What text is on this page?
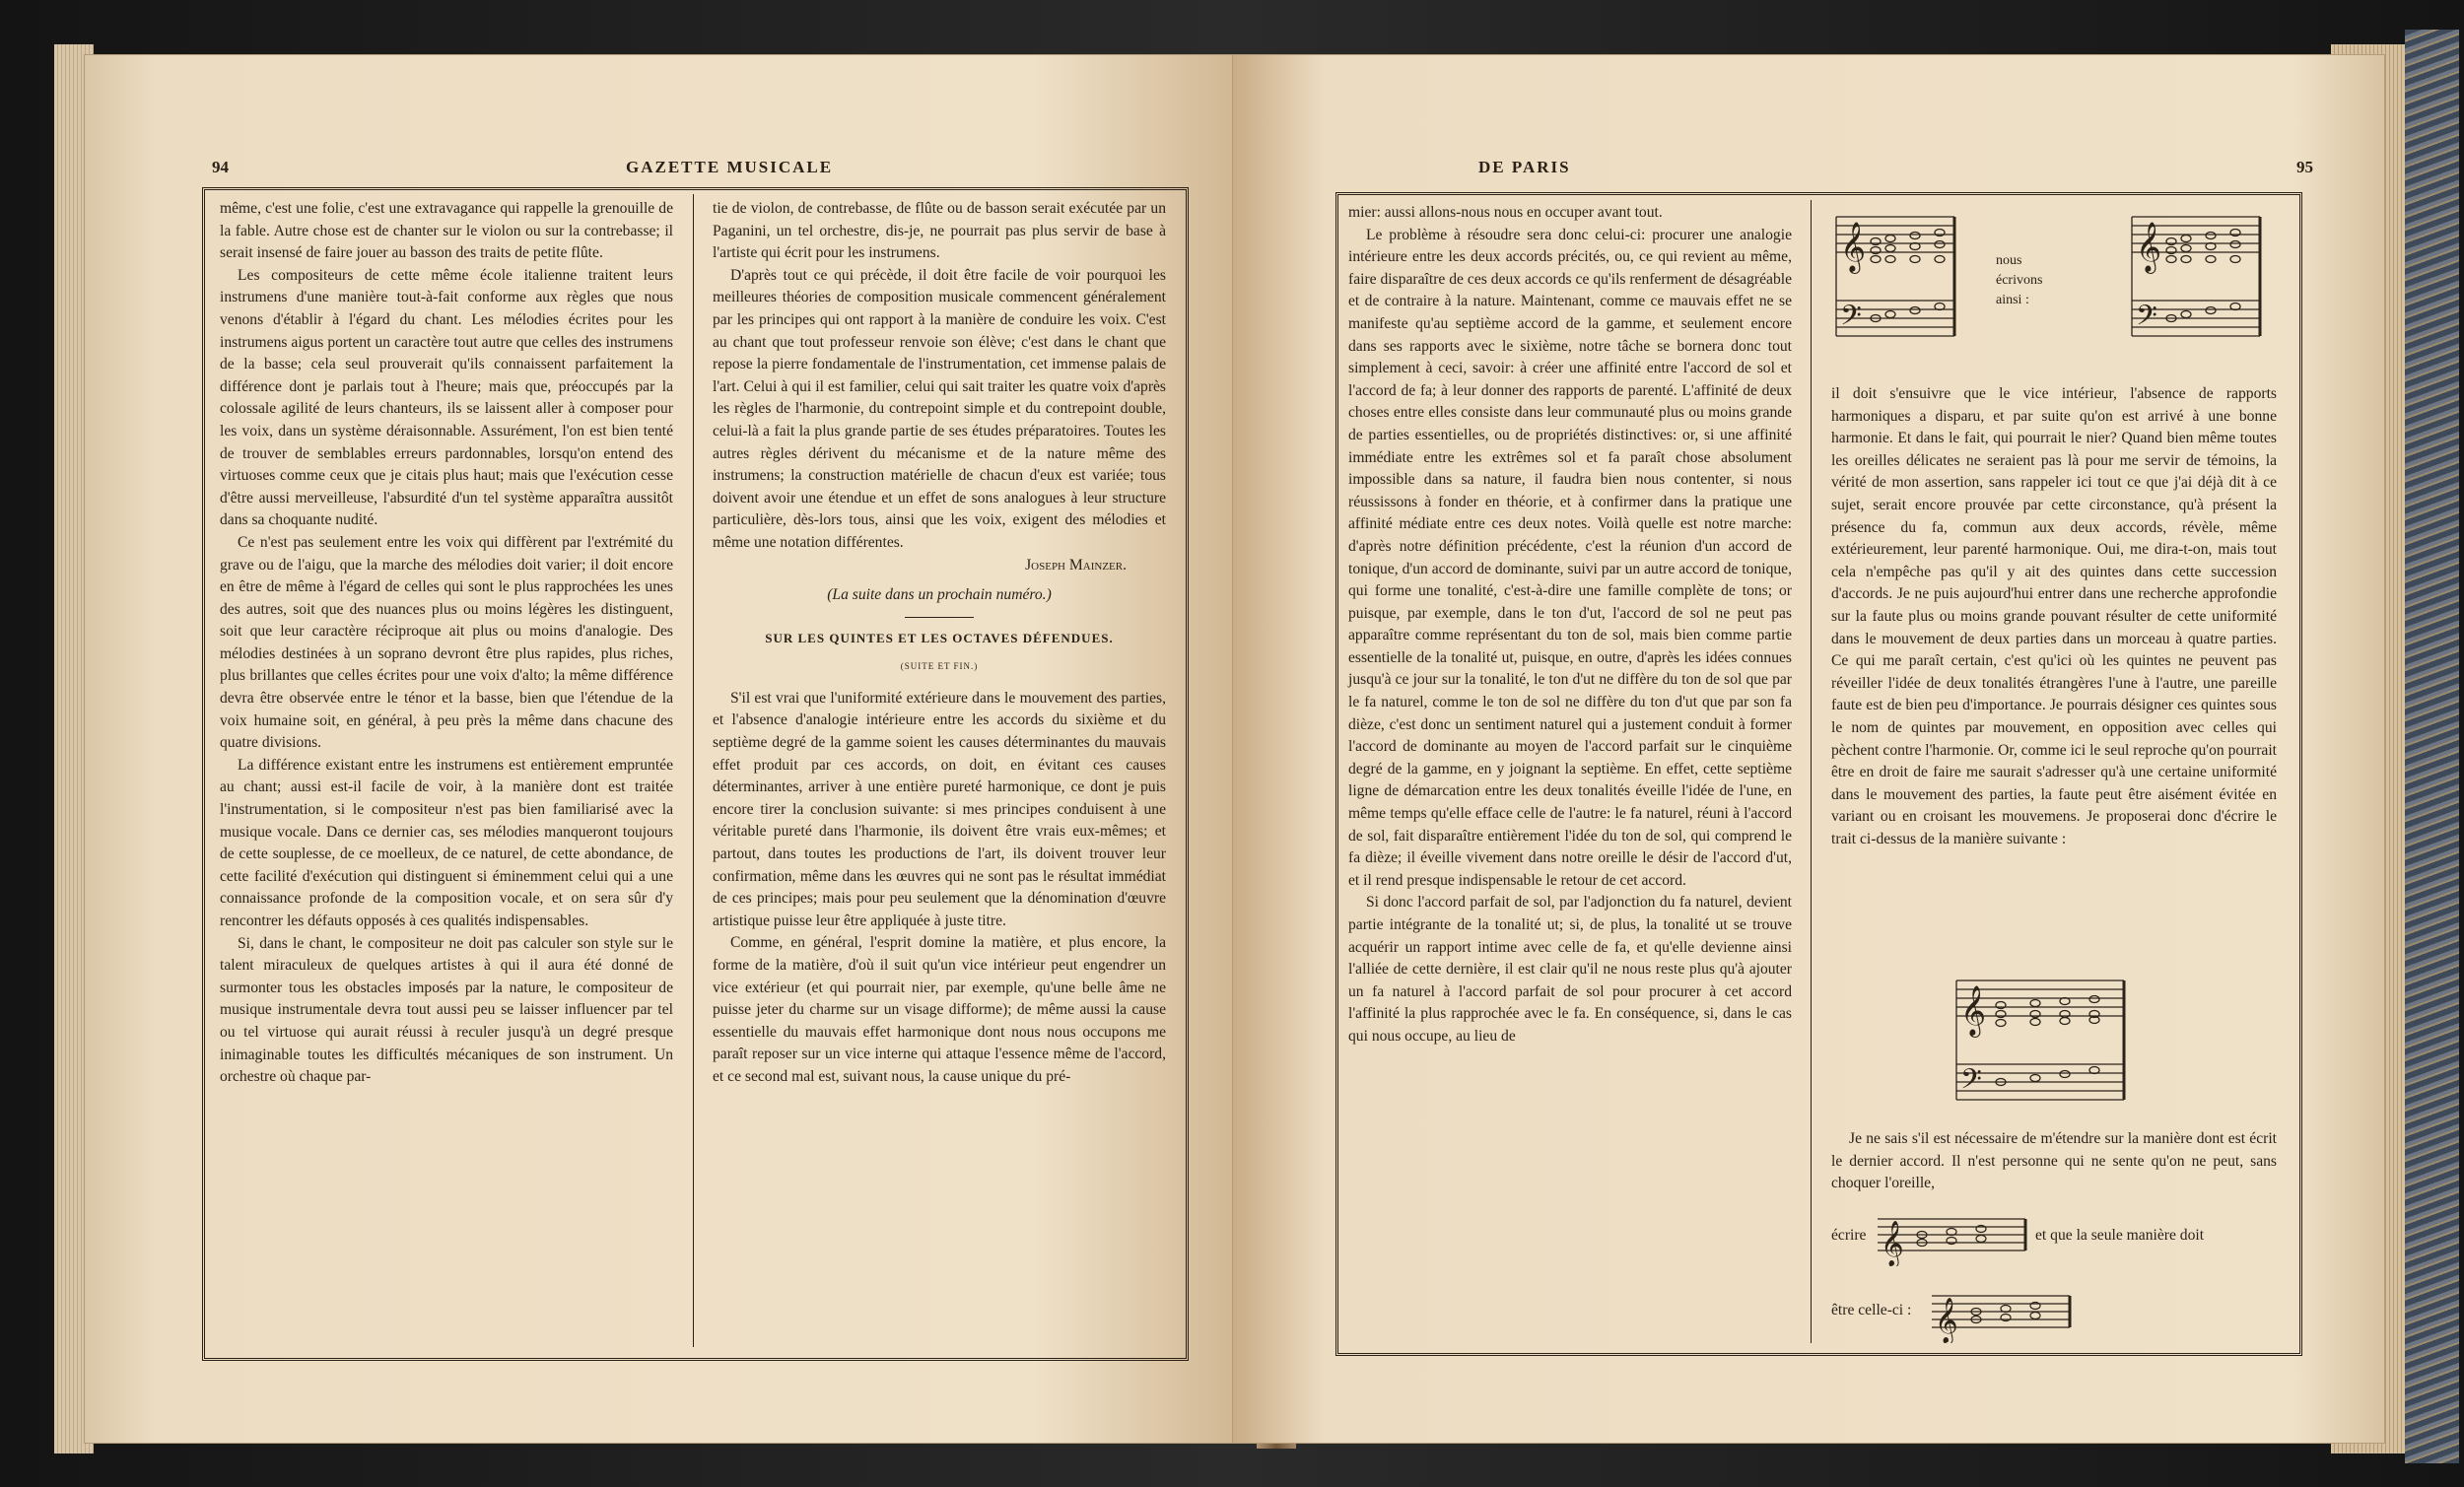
94	GAZETTE MUSICALE

même, c'est une folie, c'est une extravagance qui rappelle la grenouille de la fable. Autre chose est de chanter sur le violon ou sur la contrebasse; il serait insensé de faire jouer au basson des traits de petite flûte.

Les compositeurs de cette même école italienne traitent leurs instrumens d'une manière tout-à-fait conforme aux règles que nous venons d'établir à l'égard du chant. Les mélodies écrites pour les instrumens aigus portent un caractère tout autre que celles des instrumens de la basse; cela seul prouverait qu'ils connaissent parfaitement la différence dont je parlais tout à l'heure; mais que, préoccupés par la colossale agilité de leurs chanteurs, ils se laissent aller à composer pour les voix, dans un système déraisonnable. Assurément, l'on est bien tenté de trouver de semblables erreurs pardonnables, lorsqu'on entend des virtuoses comme ceux que je citais plus haut; mais que l'exécution cesse d'être aussi merveilleuse, l'absurdité d'un tel système apparaîtra aussitôt dans sa choquante nudité.

Ce n'est pas seulement entre les voix qui diffèrent par l'extrémité du grave ou de l'aigu, que la marche des mélodies doit varier; il doit encore en être de même à l'égard de celles qui sont le plus rapprochées les unes des autres, soit que des nuances plus ou moins légères les distinguent, soit que leur caractère réciproque ait plus ou moins d'analogie. Des mélodies destinées à un soprano devront être plus rapides, plus riches, plus brillantes que celles écrites pour une voix d'alto; la même différence devra être observée entre le ténor et la basse, bien que l'étendue de la voix humaine soit, en général, à peu près la même dans chacune des quatre divisions.

La différence existant entre les instrumens est entièrement empruntée au chant; aussi est-il facile de voir, à la manière dont est traitée l'instrumentation, si le compositeur n'est pas bien familiarisé avec la musique vocale. Dans ce dernier cas, ses mélodies manqueront toujours de cette souplesse, de ce moelleux, de ce naturel, de cette abondance, de cette facilité d'exécution qui distinguent si éminemment celui qui a une connaissance profonde de la composition vocale, et on sera sûr d'y rencontrer les défauts opposés à ces qualités indispensables.

Si, dans le chant, le compositeur ne doit pas calculer son style sur le talent miraculeux de quelques artistes à qui il aura été donné de surmonter tous les obstacles imposés par la nature, le compositeur de musique instrumentale devra tout aussi peu se laisser influencer par tel ou tel virtuose qui aurait réussi à reculer jusqu'à un degré presque inimaginable toutes les difficultés mécaniques de son instrument. Un orchestre où chaque par-

tie de violon, de contrebasse, de flûte ou de basson serait exécutée par un Paganini, un tel orchestre, dis-je, ne pourrait pas plus servir de base à l'artiste qui écrit pour les instrumens.

D'après tout ce qui précède, il doit être facile de voir pourquoi les meilleures théories de composition musicale commencent généralement par les principes qui ont rapport à la manière de conduire les voix. C'est au chant que tout professeur renvoie son élève; c'est dans le chant que repose la pierre fondamentale de l'instrumentation, cet immense palais de l'art. Celui à qui il est familier, celui qui sait traiter les quatre voix d'après les règles de l'harmonie, du contrepoint simple et du contrepoint double, celui-là a fait la plus grande partie de ses études préparatoires. Toutes les autres règles dérivent du mécanisme et de la nature même des instrumens; la construction matérielle de chacun d'eux est variée; tous doivent avoir une étendue et un effet de sons analogues à leur structure particulière, dès-lors tous, ainsi que les voix, exigent des mélodies et même une notation différentes.

Joseph Mainzer.

(La suite dans un prochain numéro.)

SUR LES QUINTES ET LES OCTAVES DÉFENDUES.

(SUITE ET FIN.)

S'il est vrai que l'uniformité extérieure dans le mouvement des parties, et l'absence d'analogie intérieure entre les accords du sixième et du septième degré de la gamme soient les causes déterminantes du mauvais effet produit par ces accords, on doit, en évitant ces causes déterminantes, arriver à une entière pureté harmonique, ce dont je puis encore tirer la conclusion suivante: si mes principes conduisent à une véritable pureté dans l'harmonie, ils doivent être vrais eux-mêmes; et partout, dans toutes les productions de l'art, ils doivent trouver leur confirmation, même dans les œuvres qui ne sont pas le résultat immédiat de ces principes; mais pour peu seulement que la dénomination d'œuvre artistique puisse leur être appliquée à juste titre.

Comme, en général, l'esprit domine la matière, et plus encore, la forme de la matière, d'où il suit qu'un vice intérieur peut engendrer un vice extérieur (et qui pourrait nier, par exemple, qu'une belle âme ne puisse jeter du charme sur un visage difforme); de même aussi la cause essentielle du mauvais effet harmonique dont nous nous occupons me paraît reposer sur un vice interne qui attaque l'essence même de l'accord, et ce second mal est, suivant nous, la cause unique du pré-

DE PARIS	95

mier: aussi allons-nous nous en occuper avant tout.

Le problème à résoudre sera donc celui-ci: procurer une analogie intérieure entre les deux accords précités, ou, ce qui revient au même, faire disparaître de ces deux accords ce qu'ils renferment de désagréable et de contraire à la nature. Maintenant, comme ce mauvais effet ne se manifeste qu'au septième accord de la gamme, et seulement encore dans ses rapports avec le sixième, notre tâche se bornera donc tout simplement à ceci, savoir: à créer une affinité entre l'accord de sol et l'accord de fa; à leur donner des rapports de parenté. L'affinité de deux choses entre elles consiste dans leur communauté plus ou moins grande de parties essentielles, ou de propriétés distinctives: or, si une affinité immédiate entre les extrêmes sol et fa paraît chose absolument impossible dans sa nature, il faudra bien nous contenter, si nous réussissons à fonder en théorie, et à confirmer dans la pratique une affinité médiate entre ces deux notes. Voilà quelle est notre marche: d'après notre définition précédente, c'est la réunion d'un accord de tonique, d'un accord de dominante, suivi par un autre accord de tonique, qui forme une tonalité, c'est-à-dire une famille complète de tons; or puisque, par exemple, dans le ton d'ut, l'accord de sol ne peut pas apparaître comme représentant du ton de sol, mais bien comme partie essentielle de la tonalité ut, puisque, en outre, d'après les idées connues jusqu'à ce jour sur la tonalité, le ton d'ut ne diffère du ton de sol que par le fa naturel, comme le ton de sol ne diffère du ton d'ut que par son fa dièze, c'est donc un sentiment naturel qui a justement conduit à former l'accord de dominante au moyen de l'accord parfait sur le cinquième degré de la gamme, en y joignant la septième. En effet, cette septième ligne de démarcation entre les deux tonalités éveille l'idée de l'une, en même temps qu'elle efface celle de l'autre: le fa naturel, réuni à l'accord de sol, fait disparaître entièrement l'idée du ton de sol, qui comprend le fa dièze; il éveille vivement dans notre oreille le désir de l'accord d'ut, et il rend presque indispensable le retour de cet accord.

Si donc l'accord parfait de sol, par l'adjonction du fa naturel, devient partie intégrante de la tonalité ut; si, de plus, la tonalité ut se trouve acquérir un rapport intime avec celle de fa, et qu'elle devienne ainsi l'alliée de cette dernière, il est clair qu'il ne nous reste plus qu'à ajouter un fa naturel à l'accord parfait de sol pour procurer à cet accord l'affinité la plus rapprochée avec le fa. En conséquence, si, dans le cas qui nous occupe, au lieu de

𝄞
𝄢
𝄞
𝄢
nous écrivons ainsi :

il doit s'ensuivre que le vice intérieur, l'absence de rapports harmoniques a disparu, et par suite qu'on est arrivé à une bonne harmonie. Et dans le fait, qui pourrait le nier? Quand bien même toutes les oreilles délicates ne seraient pas là pour me servir de témoins, la vérité de mon assertion, sans rappeler ici tout ce que j'ai déjà dit à ce sujet, serait encore prouvée par cette circonstance, qu'à présent la présence du fa, commun aux deux accords, révèle, même extérieurement, leur parenté harmonique. Oui, me dira-t-on, mais tout cela n'empêche pas qu'il y ait des quintes dans cette succession d'accords. Je ne puis aujourd'hui entrer dans une recherche approfondie sur la faute plus ou moins grande pouvant résulter de cette uniformité dans le mouvement de deux parties dans un morceau à quatre parties. Ce qui me paraît certain, c'est qu'ici où les quintes ne peuvent pas réveiller l'idée de deux tonalités étrangères l'une à l'autre, une pareille faute est de bien peu d'importance. Je pourrais désigner ces quintes sous le nom de quintes par mouvement, en opposition avec celles qui pèchent contre l'harmonie. Or, comme ici le seul reproche qu'on pourrait être en droit de faire me saurait s'adresser qu'à une certaine uniformité dans le mouvement des parties, la faute peut être aisément évitée en variant ou en croisant les mouvemens. Je proposerai donc d'écrire le trait ci-dessus de la manière suivante :

𝄞
𝄢

Je ne sais s'il est nécessaire de m'étendre sur la manière dont est écrit le dernier accord. Il n'est personne qui ne sente qu'on ne peut, sans choquer l'oreille,

écrire 𝄞	et que la seule manière doit
être celle-ci : 𝄞
